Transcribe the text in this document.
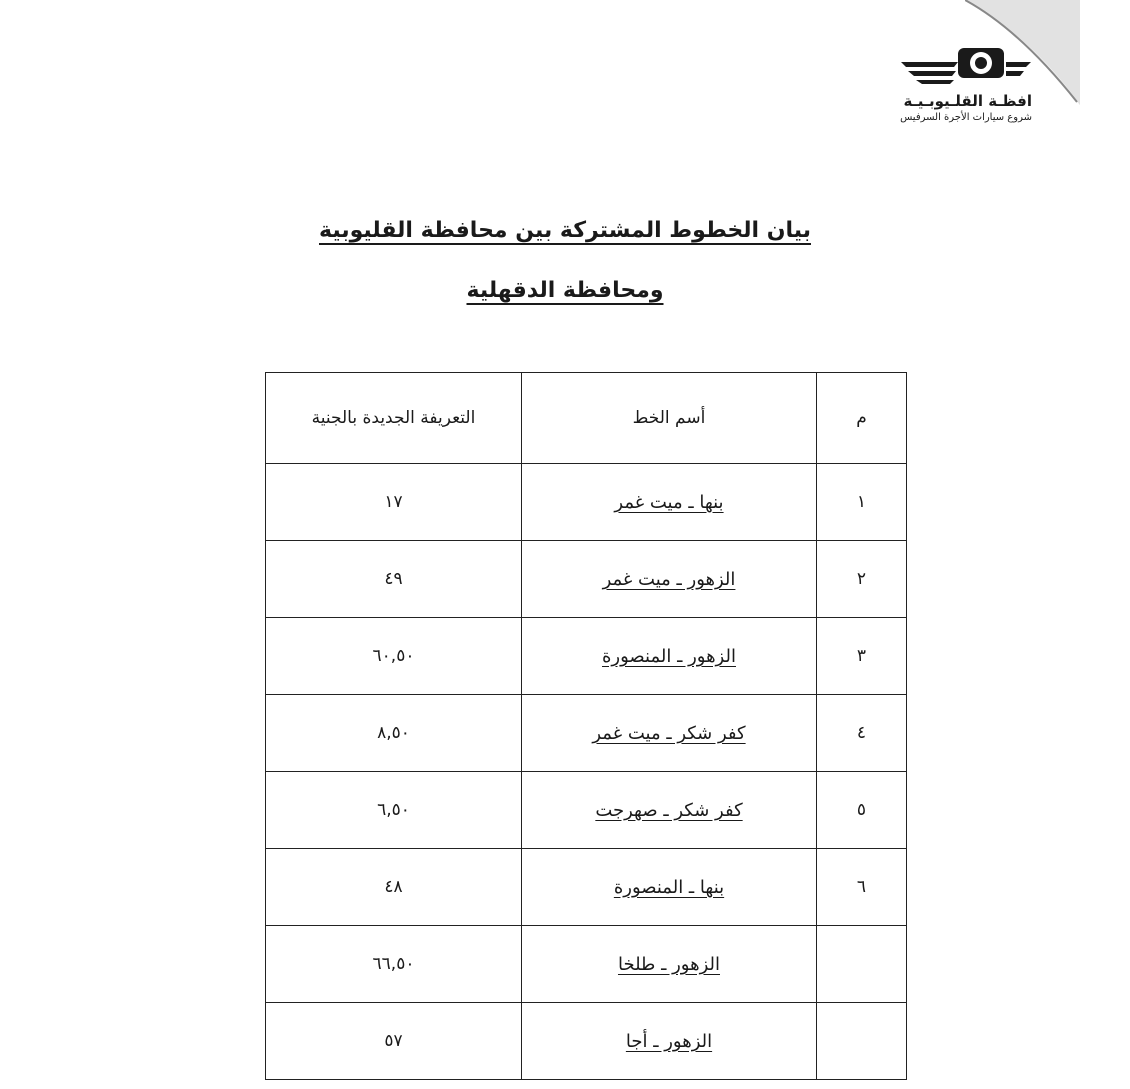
افظـة القلـيوبـيـة
شروع سيارات الأجرة السرفيس
بيان الخطوط المشتركة بين محافظة القليوبية
ومحافظة الدقهلية
م	أسم الخط	التعريفة الجديدة بالجنية
١	بنها ـ ميت غمر	١٧
٢	الزهور ـ ميت غمر	٤٩
٣	الزهور ـ المنصورة	٦٠,٥٠
٤	كفر شكر ـ ميت غمر	٨,٥٠
٥	كفر شكر ـ صهرجت	٦,٥٠
٦	بنها ـ المنصورة	٤٨
	الزهور ـ طلخا	٦٦,٥٠
	الزهور ـ أجا	٥٧
